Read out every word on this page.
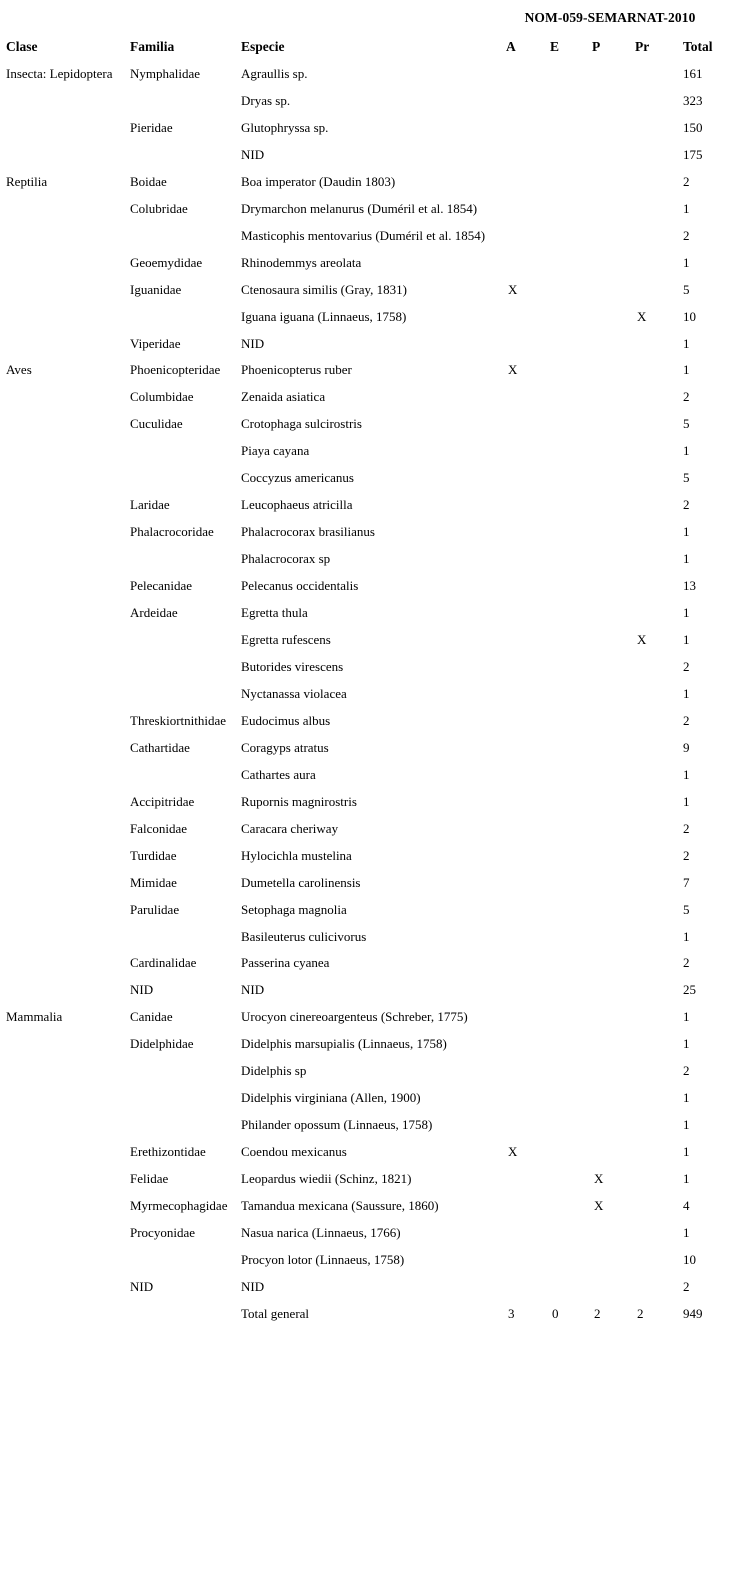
NOM-059-SEMARNAT-2010
Clase	Familia	Especie	A	E	P	Pr	Total
Insecta: Lepidoptera	Nymphalidae	Agraullis sp.					161
		Dryas sp.					323
	Pieridae	Glutophryssa sp.					150
		NID					175
Reptilia	Boidae	Boa imperator (Daudin 1803)					2
	Colubridae	Drymarchon melanurus (Duméril et al. 1854)					1
		Masticophis mentovarius (Duméril et al. 1854)					2
	Geoemydidae	Rhinodemmys areolata					1
	Iguanidae	Ctenosaura similis (Gray, 1831)	X				5
		Iguana iguana (Linnaeus, 1758)				X	10
	Viperidae	NID					1
Aves	Phoenicopteridae	Phoenicopterus ruber	X				1
	Columbidae	Zenaida asiatica					2
	Cuculidae	Crotophaga sulcirostris					5
		Piaya cayana					1
		Coccyzus americanus					5
	Laridae	Leucophaeus atricilla					2
	Phalacrocoridae	Phalacrocorax brasilianus					1
		Phalacrocorax sp					1
	Pelecanidae	Pelecanus occidentalis					13
	Ardeidae	Egretta thula					1
		Egretta rufescens				X	1
		Butorides virescens					2
		Nyctanassa violacea					1
	Threskiortnithidae	Eudocimus albus					2
	Cathartidae	Coragyps atratus					9
		Cathartes aura					1
	Accipitridae	Rupornis magnirostris					1
	Falconidae	Caracara cheriway					2
	Turdidae	Hylocichla mustelina					2
	Mimidae	Dumetella carolinensis					7
	Parulidae	Setophaga magnolia					5
		Basileuterus culicivorus					1
	Cardinalidae	Passerina cyanea					2
	NID	NID					25
Mammalia	Canidae	Urocyon cinereoargenteus (Schreber, 1775)					1
	Didelphidae	Didelphis marsupialis (Linnaeus, 1758)					1
		Didelphis sp					2
		Didelphis virginiana (Allen, 1900)					1
		Philander opossum (Linnaeus, 1758)					1
	Erethizontidae	Coendou mexicanus	X				1
	Felidae	Leopardus wiedii (Schinz, 1821)			X		1
	Myrmecophagidae	Tamandua mexicana (Saussure, 1860)			X		4
	Procyonidae	Nasua narica (Linnaeus, 1766)					1
		Procyon lotor (Linnaeus, 1758)					10
	NID	NID					2
		Total general	3	0	2	2	949
